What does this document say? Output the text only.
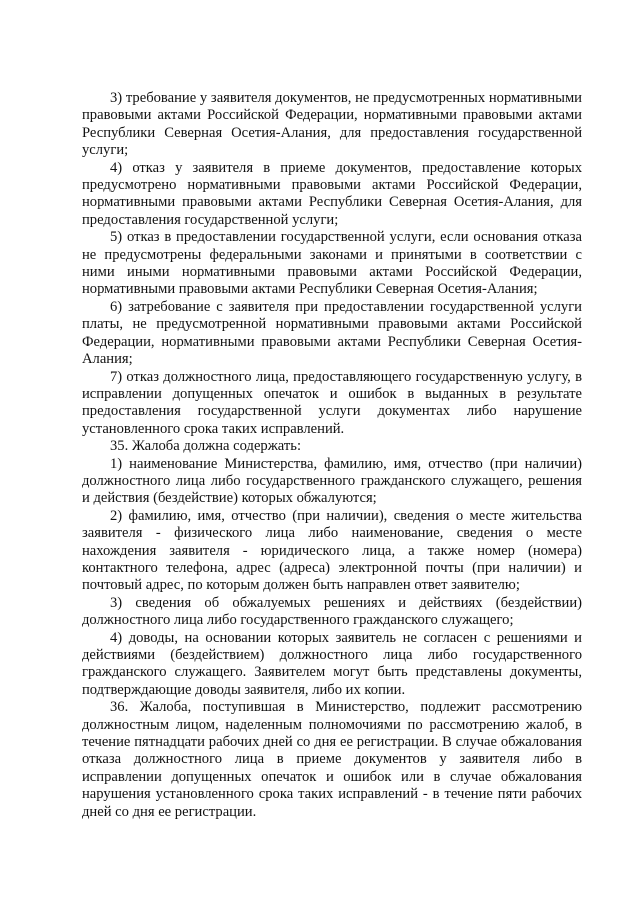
3) требование у заявителя документов, не предусмотренных нормативными правовыми актами Российской Федерации, нормативными правовыми актами Республики Северная Осетия-Алания, для предоставления государственной услуги;

4) отказ у заявителя в приеме документов, предоставление которых предусмотрено нормативными правовыми актами Российской Федерации, нормативными правовыми актами Республики Северная Осетия-Алания, для предоставления государственной услуги;

5) отказ в предоставлении государственной услуги, если основания отказа не предусмотрены федеральными законами и принятыми в соответствии с ними иными нормативными правовыми актами Российской Федерации, нормативными правовыми актами Республики Северная Осетия-Алания;

6) затребование с заявителя при предоставлении государственной услуги платы, не предусмотренной нормативными правовыми актами Российской Федерации, нормативными правовыми актами Республики Северная Осетия-Алания;

7) отказ должностного лица, предоставляющего государственную услугу, в исправлении допущенных опечаток и ошибок в выданных в результате предоставления государственной услуги документах либо нарушение установленного срока таких исправлений.

35. Жалоба должна содержать:

1) наименование Министерства, фамилию, имя, отчество (при наличии) должностного лица либо государственного гражданского служащего, решения и действия (бездействие) которых обжалуются;

2) фамилию, имя, отчество (при наличии), сведения о месте жительства заявителя - физического лица либо наименование, сведения о месте нахождения заявителя - юридического лица, а также номер (номера) контактного телефона, адрес (адреса) электронной почты (при наличии) и почтовый адрес, по которым должен быть направлен ответ заявителю;

3) сведения об обжалуемых решениях и действиях (бездействии) должностного лица либо государственного гражданского служащего;

4) доводы, на основании которых заявитель не согласен с решениями и действиями (бездействием) должностного лица либо государственного гражданского служащего. Заявителем могут быть представлены документы, подтверждающие доводы заявителя, либо их копии.

36. Жалоба, поступившая в Министерство, подлежит рассмотрению должностным лицом, наделенным полномочиями по рассмотрению жалоб, в течение пятнадцати рабочих дней со дня ее регистрации. В случае обжалования отказа должностного лица в приеме документов у заявителя либо в исправлении допущенных опечаток и ошибок или в случае обжалования нарушения установленного срока таких исправлений - в течение пяти рабочих дней со дня ее регистрации.
